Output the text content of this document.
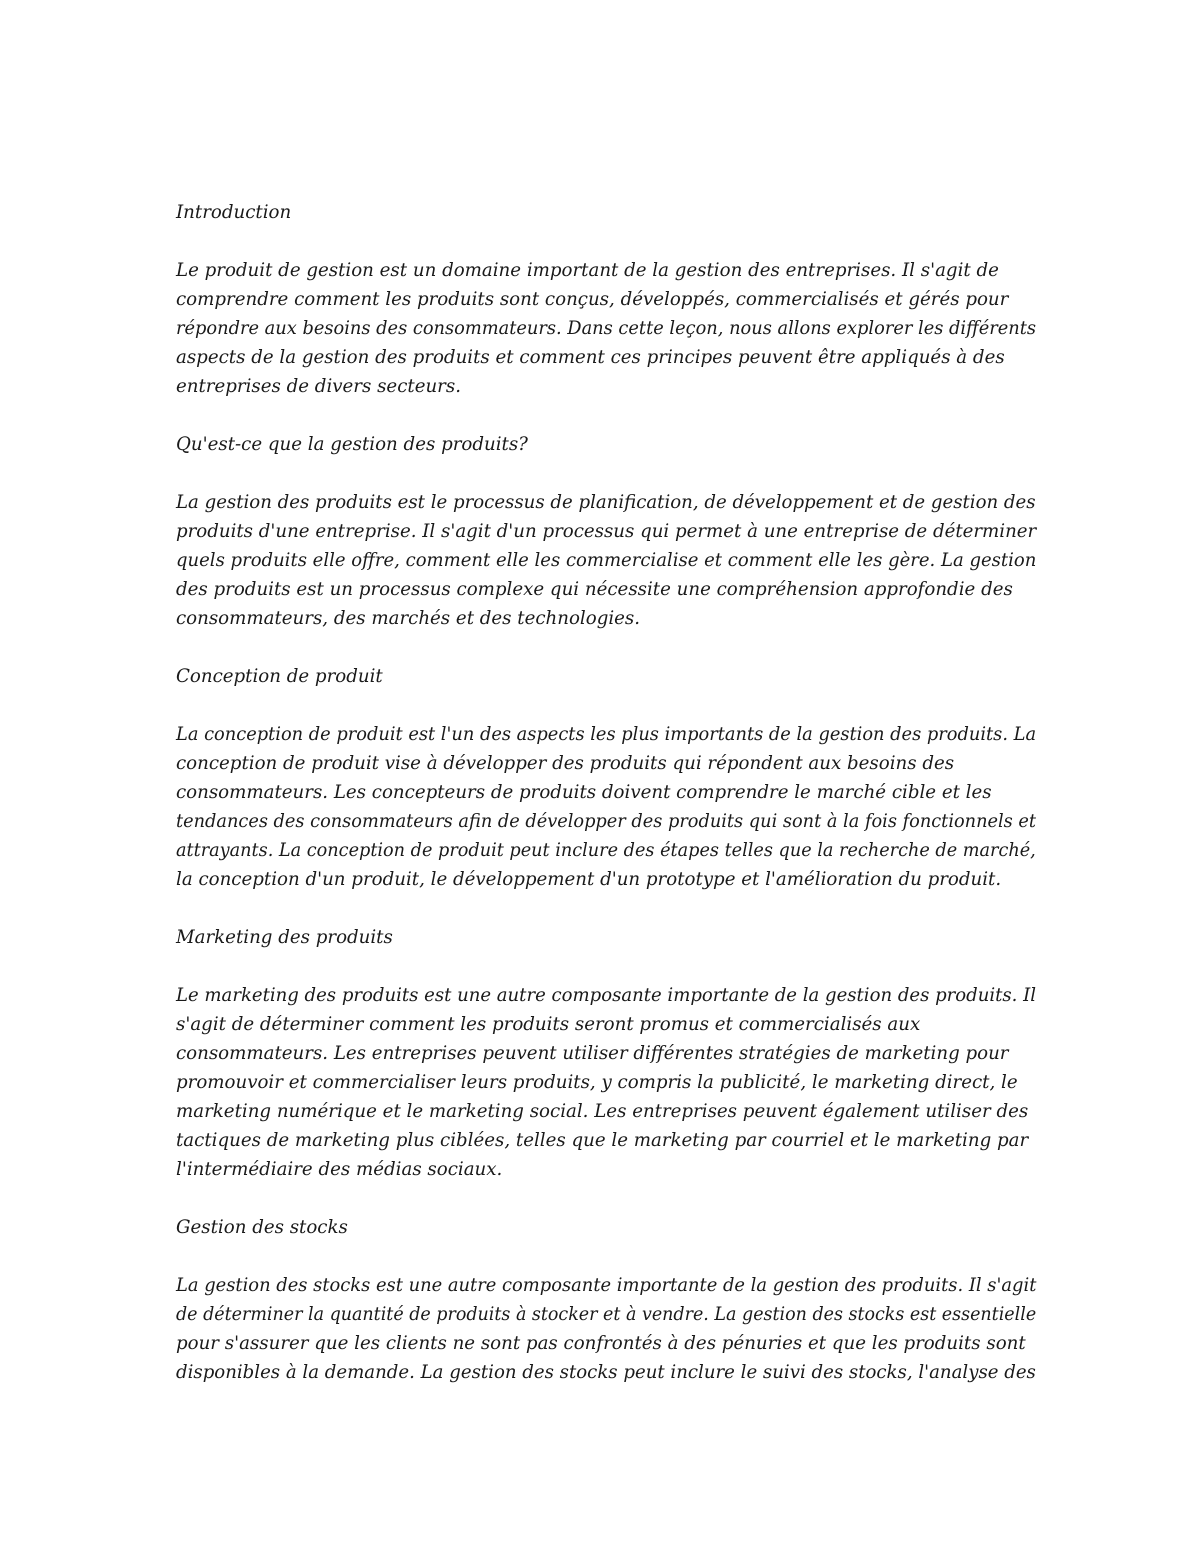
Introduction
Le produit de gestion est un domaine important de la gestion des entreprises. Il s'agit de
comprendre comment les produits sont conçus, développés, commercialisés et gérés pour
répondre aux besoins des consommateurs. Dans cette leçon, nous allons explorer les différents
aspects de la gestion des produits et comment ces principes peuvent être appliqués à des
entreprises de divers secteurs.
Qu'est-ce que la gestion des produits?
La gestion des produits est le processus de planification, de développement et de gestion des
produits d'une entreprise. Il s'agit d'un processus qui permet à une entreprise de déterminer
quels produits elle offre, comment elle les commercialise et comment elle les gère. La gestion
des produits est un processus complexe qui nécessite une compréhension approfondie des
consommateurs, des marchés et des technologies.
Conception de produit
La conception de produit est l'un des aspects les plus importants de la gestion des produits. La
conception de produit vise à développer des produits qui répondent aux besoins des
consommateurs. Les concepteurs de produits doivent comprendre le marché cible et les
tendances des consommateurs afin de développer des produits qui sont à la fois fonctionnels et
attrayants. La conception de produit peut inclure des étapes telles que la recherche de marché,
la conception d'un produit, le développement d'un prototype et l'amélioration du produit.
Marketing des produits
Le marketing des produits est une autre composante importante de la gestion des produits. Il
s'agit de déterminer comment les produits seront promus et commercialisés aux
consommateurs. Les entreprises peuvent utiliser différentes stratégies de marketing pour
promouvoir et commercialiser leurs produits, y compris la publicité, le marketing direct, le
marketing numérique et le marketing social. Les entreprises peuvent également utiliser des
tactiques de marketing plus ciblées, telles que le marketing par courriel et le marketing par
l'intermédiaire des médias sociaux.
Gestion des stocks
La gestion des stocks est une autre composante importante de la gestion des produits. Il s'agit
de déterminer la quantité de produits à stocker et à vendre. La gestion des stocks est essentielle
pour s'assurer que les clients ne sont pas confrontés à des pénuries et que les produits sont
disponibles à la demande. La gestion des stocks peut inclure le suivi des stocks, l'analyse des
